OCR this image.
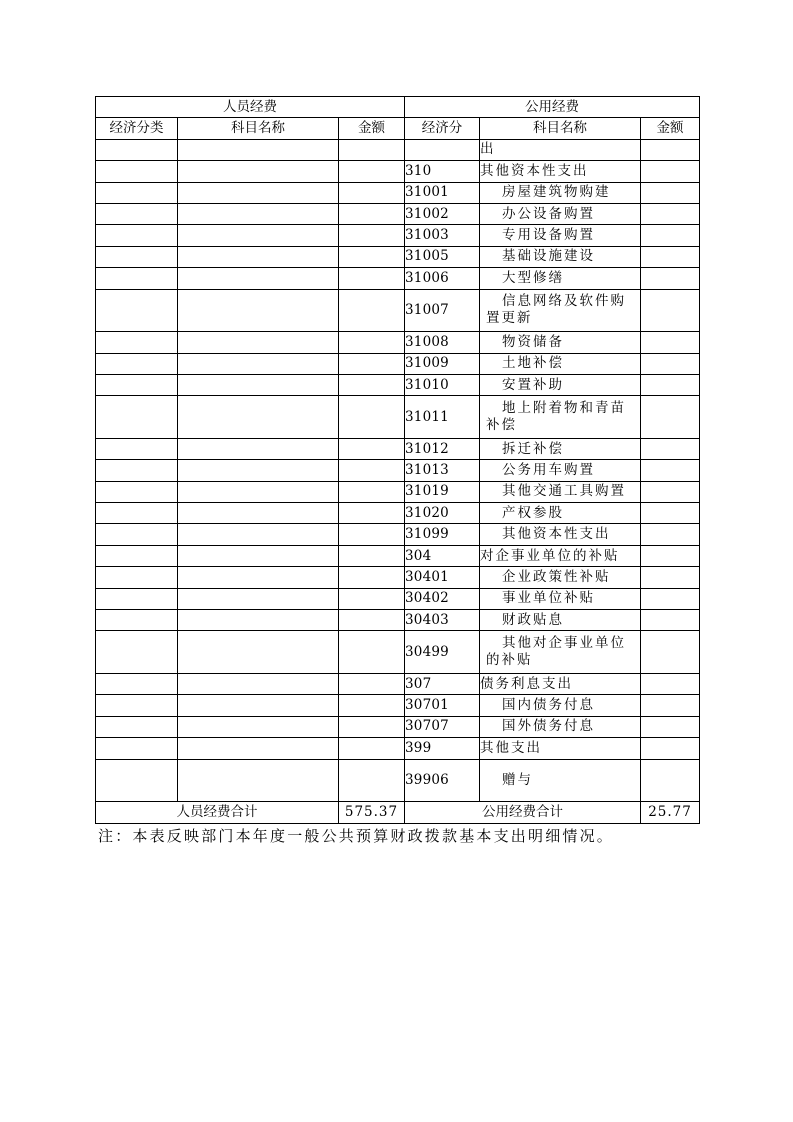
人员经费			公用经费		
经济分类	科目名称	金额	经济分	科目名称	金额
				出	
			310	其他资本性支出	
			31001	房屋建筑物购建	
			31002	办公设备购置	
			31003	专用设备购置	
			31005	基础设施建设	
			31006	大型修缮	
			31007	信息网络及软件购置更新	
			31008	物资储备	
			31009	土地补偿	
			31010	安置补助	
			31011	地上附着物和青苗补偿	
			31012	拆迁补偿	
			31013	公务用车购置	
			31019	其他交通工具购置	
			31020	产权参股	
			31099	其他资本性支出	
			304	对企事业单位的补贴	
			30401	企业政策性补贴	
			30402	事业单位补贴	
			30403	财政贴息	
			30499	其他对企事业单位的补贴	
			307	债务利息支出	
			30701	国内债务付息	
			30707	国外债务付息	
			399	其他支出	
			39906	赠与	
人员经费合计		575.37	公用经费合计		25.77
注：本表反映部门本年度一般公共预算财政拨款基本支出明细情况。
